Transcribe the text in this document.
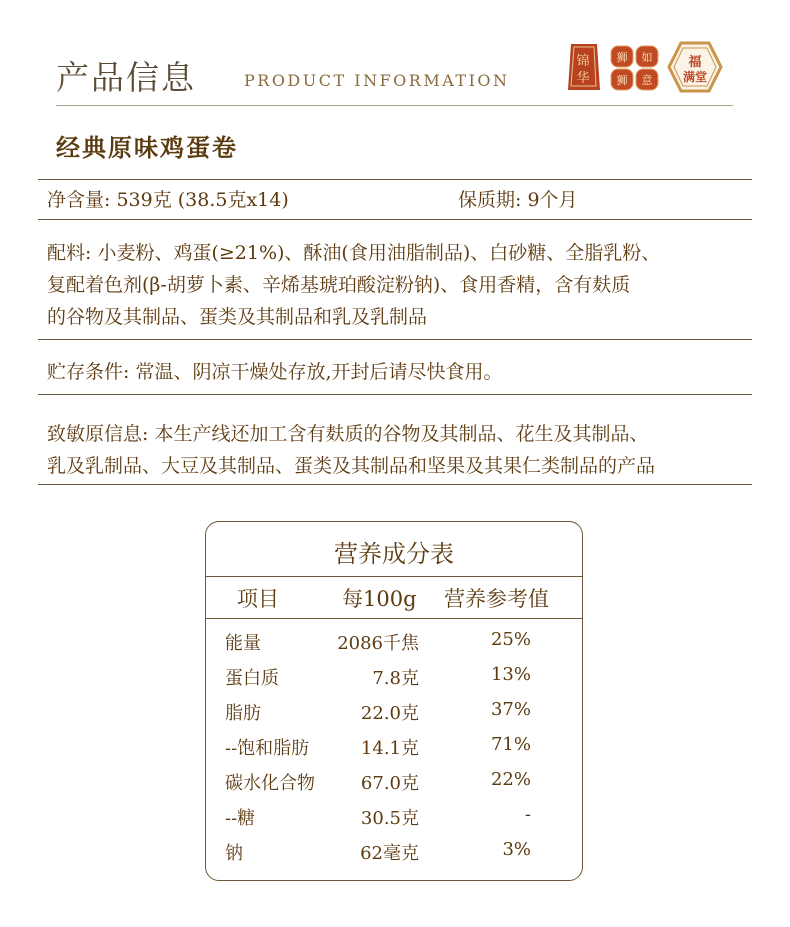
产品信息	PRODUCT INFORMATION
锦
华
狮 如
狮 意
福
满堂
经典原味鸡蛋卷
净含量: 539克 (38.5克x14)	保质期: 9个月
配料: 小麦粉、鸡蛋(≥21%)、酥油(食用油脂制品)、白砂糖、全脂乳粉、
复配着色剂(β-胡萝卜素、辛烯基琥珀酸淀粉钠)、食用香精，含有麸质
的谷物及其制品、蛋类及其制品和乳及乳制品
贮存条件: 常温、阴凉干燥处存放,开封后请尽快食用。
致敏原信息: 本生产线还加工含有麸质的谷物及其制品、花生及其制品、
乳及乳制品、大豆及其制品、蛋类及其制品和坚果及其果仁类制品的产品
营养成分表
项目	每100g 营养参考值
能量	2086千焦	25%
蛋白质	7.8克	13%
脂肪	22.0克	37%
--饱和脂肪	14.1克	71%
碳水化合物	67.0克	22%
--糖	30.5克	-
钠	62毫克	3%
